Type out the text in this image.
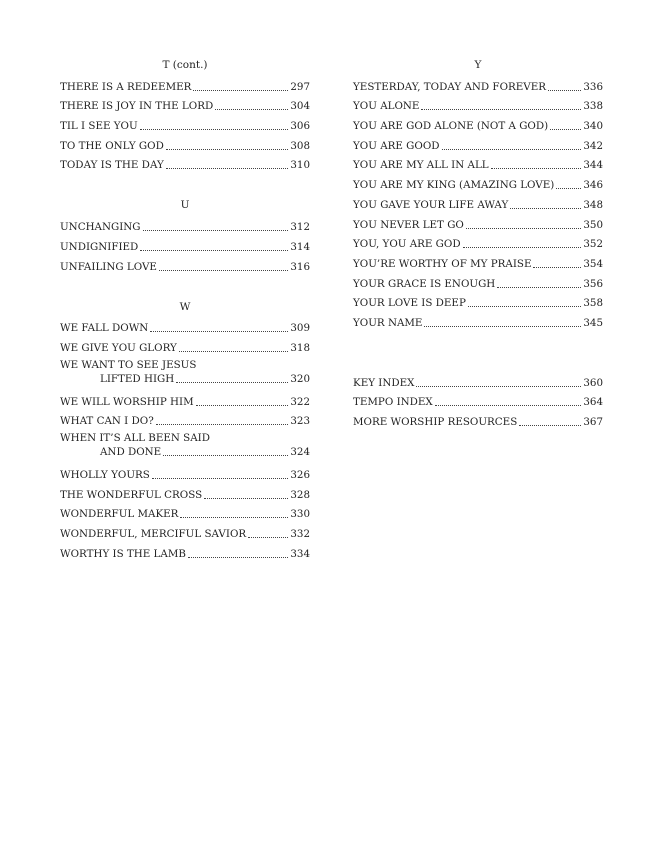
T (cont.)
THERE IS A REDEEMER	297
THERE IS JOY IN THE LORD	304
TIL I SEE YOU	306
TO THE ONLY GOD	308
TODAY IS THE DAY	310
U
UNCHANGING	312
UNDIGNIFIED	314
UNFAILING LOVE	316
W
WE FALL DOWN	309
WE GIVE YOU GLORY	318
WE WANT TO SEE JESUS
LIFTED HIGH	320
WE WILL WORSHIP HIM	322
WHAT CAN I DO?	323
WHEN IT’S ALL BEEN SAID
AND DONE	324
WHOLLY YOURS	326
THE WONDERFUL CROSS	328
WONDERFUL MAKER	330
WONDERFUL, MERCIFUL SAVIOR	332
WORTHY IS THE LAMB	334
Y
YESTERDAY, TODAY AND FOREVER	336
YOU ALONE	338
YOU ARE GOD ALONE (NOT A GOD)	340
YOU ARE GOOD	342
YOU ARE MY ALL IN ALL	344
YOU ARE MY KING (AMAZING LOVE)	346
YOU GAVE YOUR LIFE AWAY	348
YOU NEVER LET GO	350
YOU, YOU ARE GOD	352
YOU’RE WORTHY OF MY PRAISE	354
YOUR GRACE IS ENOUGH	356
YOUR LOVE IS DEEP	358
YOUR NAME	345
KEY INDEX	360
TEMPO INDEX	364
MORE WORSHIP RESOURCES	367
